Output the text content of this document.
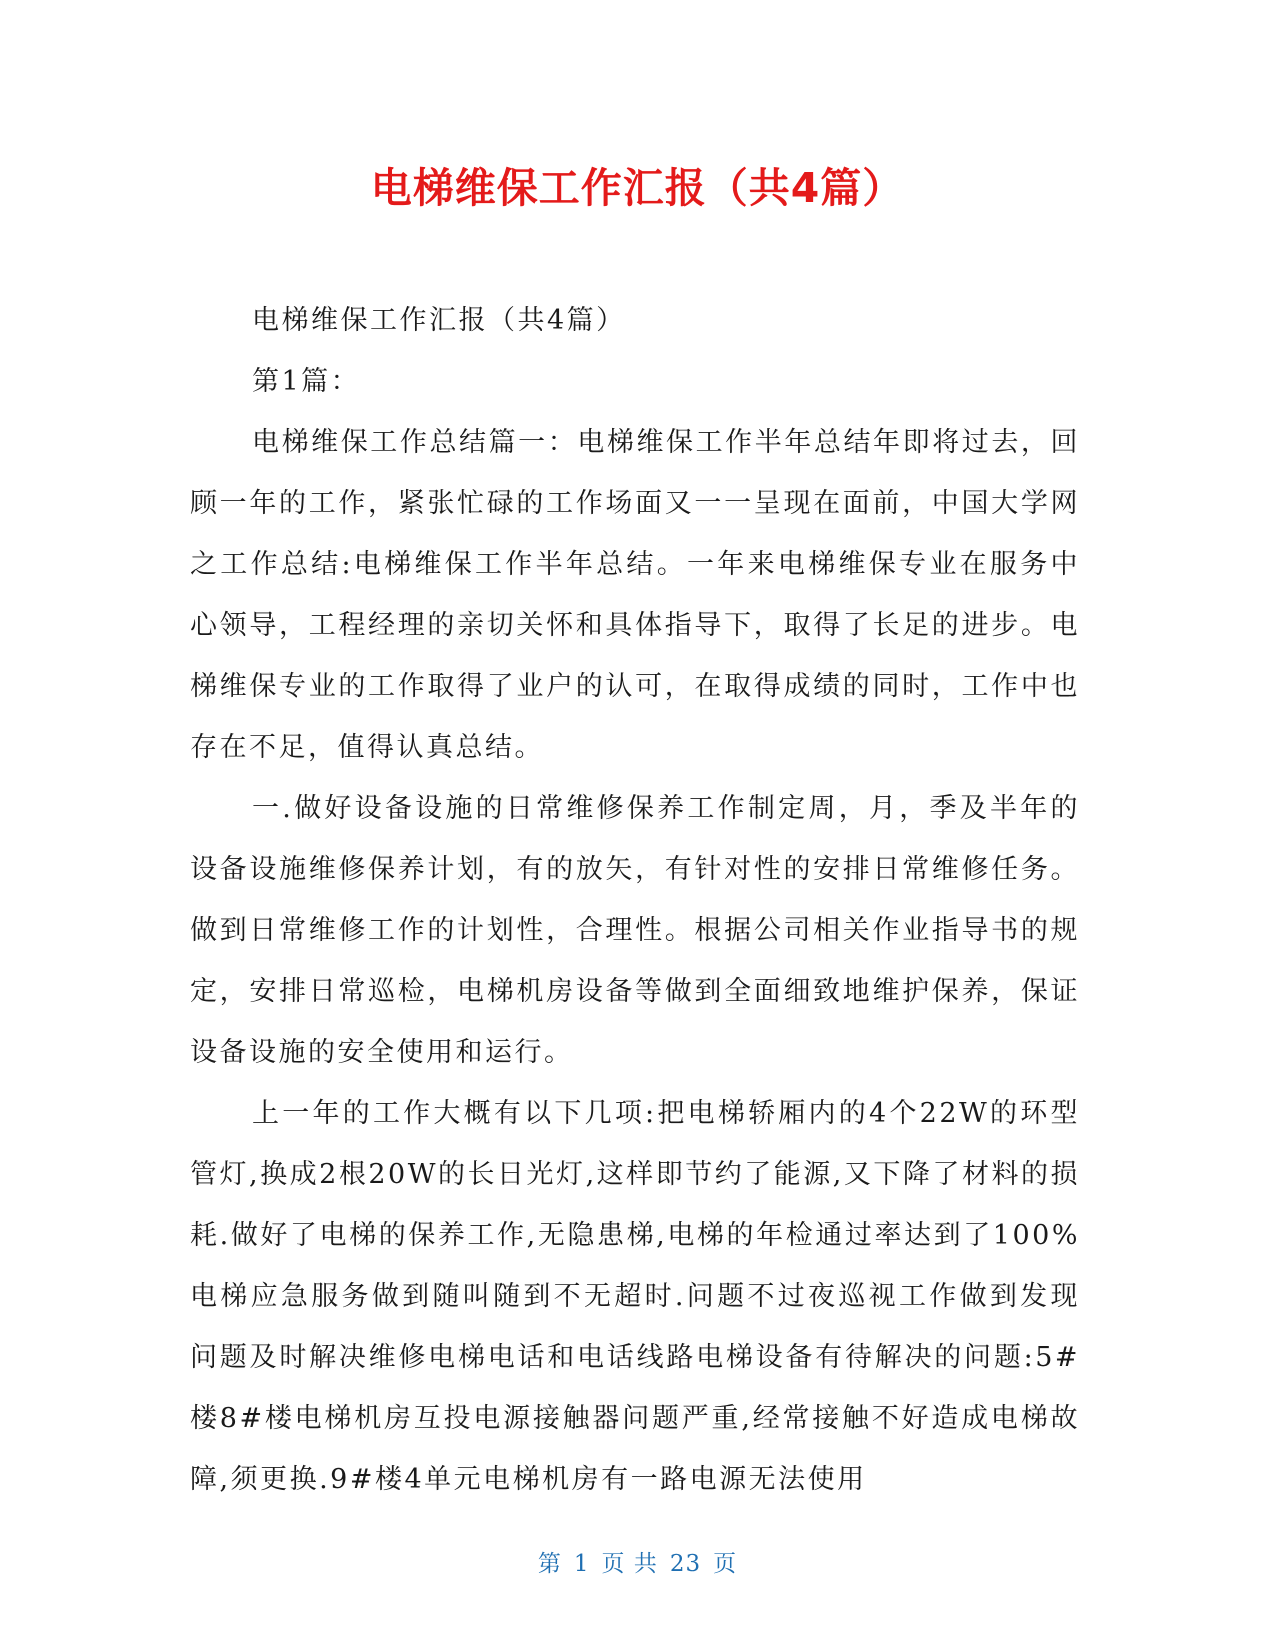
电梯维保工作汇报（共4篇）

电梯维保工作汇报（共4篇）

第1篇：

电梯维保工作总结篇一：电梯维保工作半年总结年即将过去，回顾一年的工作，紧张忙碌的工作场面又一一呈现在面前，中国大学网之工作总结:电梯维保工作半年总结。一年来电梯维保专业在服务中心领导，工程经理的亲切关怀和具体指导下，取得了长足的进步。电梯维保专业的工作取得了业户的认可，在取得成绩的同时，工作中也存在不足，值得认真总结。

一.做好设备设施的日常维修保养工作制定周，月，季及半年的设备设施维修保养计划，有的放矢，有针对性的安排日常维修任务。做到日常维修工作的计划性，合理性。根据公司相关作业指导书的规定，安排日常巡检，电梯机房设备等做到全面细致地维护保养，保证设备设施的安全使用和运行。

上一年的工作大概有以下几项:把电梯轿厢内的4个22W的环型管灯,换成2根20W的长日光灯,这样即节约了能源,又下降了材料的损耗.做好了电梯的保养工作,无隐患梯,电梯的年检通过率达到了100%电梯应急服务做到随叫随到不无超时.问题不过夜巡视工作做到发现问题及时解决维修电梯电话和电话线路电梯设备有待解决的问题:5#楼8#楼电梯机房互投电源接触器问题严重,经常接触不好造成电梯故障,须更换.9#楼4单元电梯机房有一路电源无法使用

第 1 页 共 23 页
